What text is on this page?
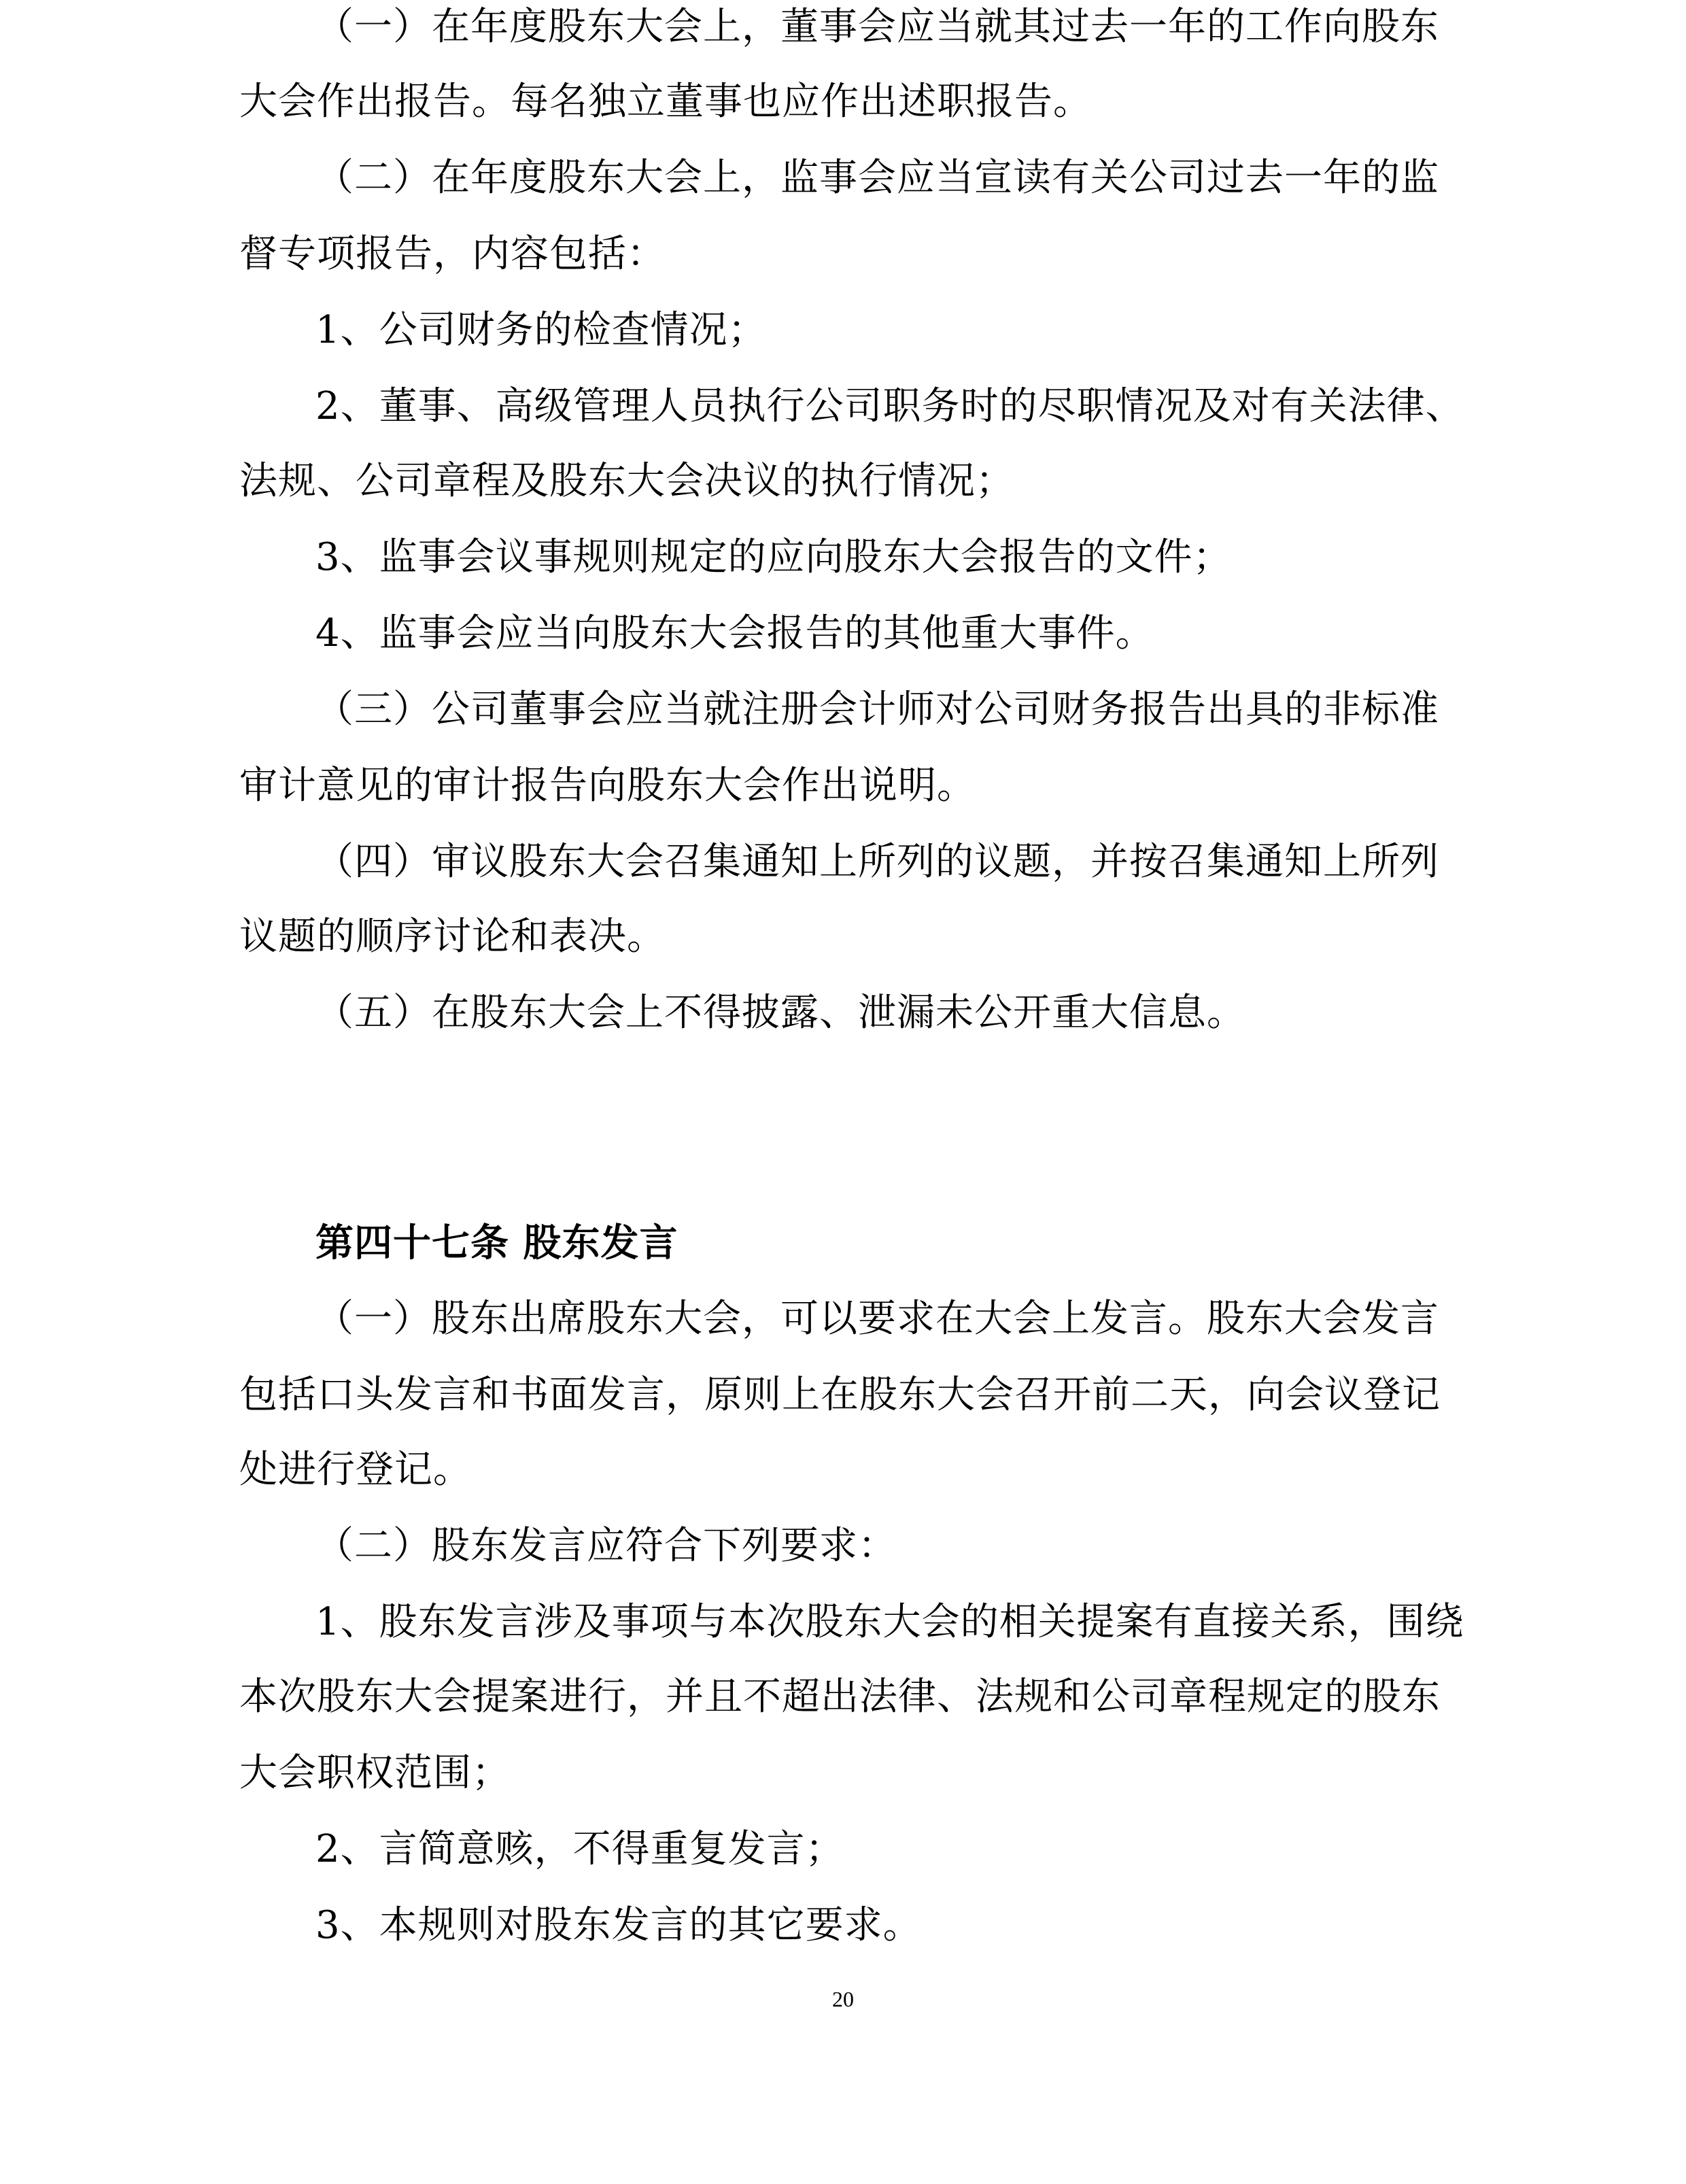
（一）在年度股东大会上，董事会应当就其过去一年的工作向股东
大会作出报告。每名独立董事也应作出述职报告。
（二）在年度股东大会上，监事会应当宣读有关公司过去一年的监
督专项报告，内容包括：
1、公司财务的检查情况；
2、董事、高级管理人员执行公司职务时的尽职情况及对有关法律、
法规、公司章程及股东大会决议的执行情况；
3、监事会议事规则规定的应向股东大会报告的文件；
4、监事会应当向股东大会报告的其他重大事件。
（三）公司董事会应当就注册会计师对公司财务报告出具的非标准
审计意见的审计报告向股东大会作出说明。
（四）审议股东大会召集通知上所列的议题，并按召集通知上所列
议题的顺序讨论和表决。
（五）在股东大会上不得披露、泄漏未公开重大信息。
第四十七条 股东发言
（一）股东出席股东大会，可以要求在大会上发言。股东大会发言
包括口头发言和书面发言，原则上在股东大会召开前二天，向会议登记
处进行登记。
（二）股东发言应符合下列要求：
1、股东发言涉及事项与本次股东大会的相关提案有直接关系，围绕
本次股东大会提案进行，并且不超出法律、法规和公司章程规定的股东
大会职权范围；
2、言简意赅，不得重复发言；
3、本规则对股东发言的其它要求。
20
